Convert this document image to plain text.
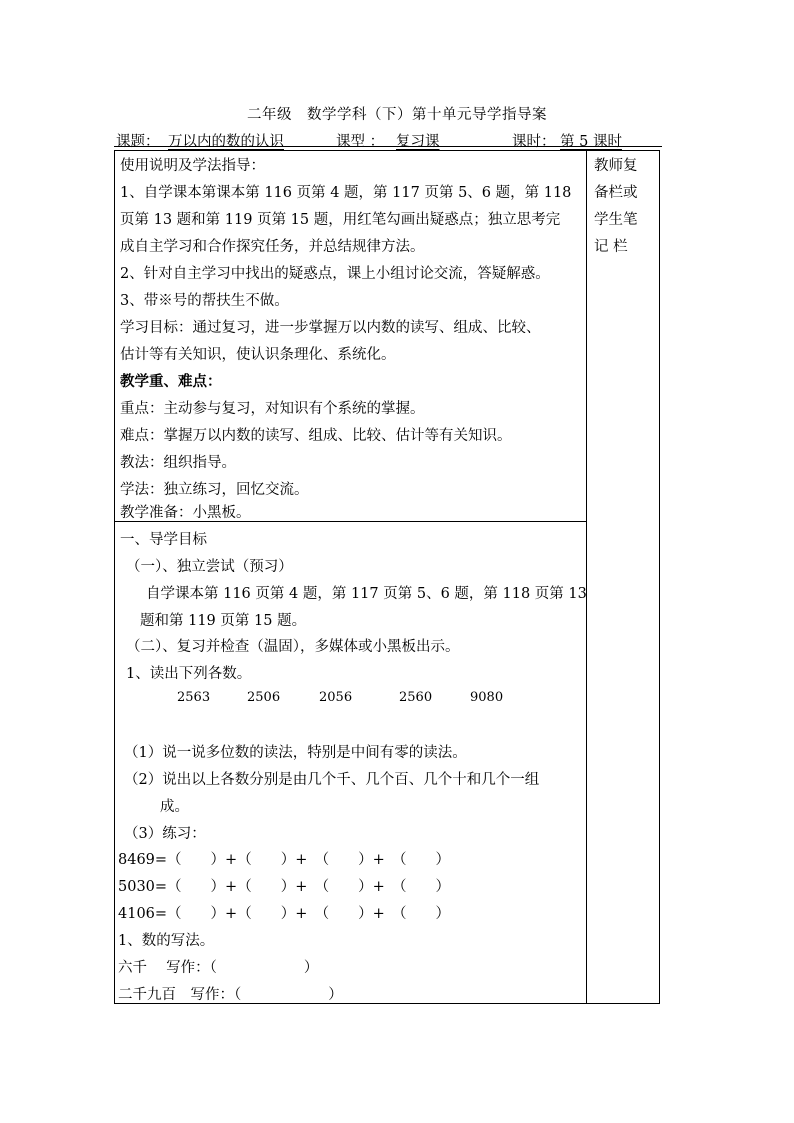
二年级　数学学科（下）第十单元导学指导案
课题： 万以内的数的认识	课型 ： 复习课	课时： 第 5 课时
教师复
备栏或
学生笔
记 栏
使用说明及学法指导：
1、自学课本第课本第 116 页第 4 题，第 117 页第 5、6 题，第 118
页第 13 题和第 119 页第 15 题，用红笔勾画出疑惑点；独立思考完
成自主学习和合作探究任务，并总结规律方法。
2、针对自主学习中找出的疑惑点，课上小组讨论交流，答疑解惑。
3、带※号的帮扶生不做。
学习目标：通过复习，进一步掌握万以内数的读写、组成、比较、
估计等有关知识，使认识条理化、系统化。
教学重、难点：
重点：主动参与复习，对知识有个系统的掌握。
难点：掌握万以内数的读写、组成、比较、估计等有关知识。
教法：组织指导。
学法：独立练习，回忆交流。
教学准备：小黑板。
一、导学目标
（一）、独立尝试（预习）
自学课本第 116 页第 4 题，第 117 页第 5、6 题，第 118 页第 13
题和第 119 页第 15 题。
（二）、复习并检查（温固），多媒体或小黑板出示。
1、读出下列各数。
2563	2506	2056	2560	9080
（1）说一说多位数的读法，特别是中间有零的读法。
（2）说出以上各数分别是由几个千、几个百、几个十和几个一组
成。
（3）练习：
8469=（　　）+（　　）+　（　　）+　（　　）
5030=（　　）+（　　）+　（　　）+　（　　）
4106=（　　）+（　　）+　（　　）+　（　　）
1、数的写法。
六千　 写作：（　　　　　　）
二千九百　写作：（　　　　　　）
